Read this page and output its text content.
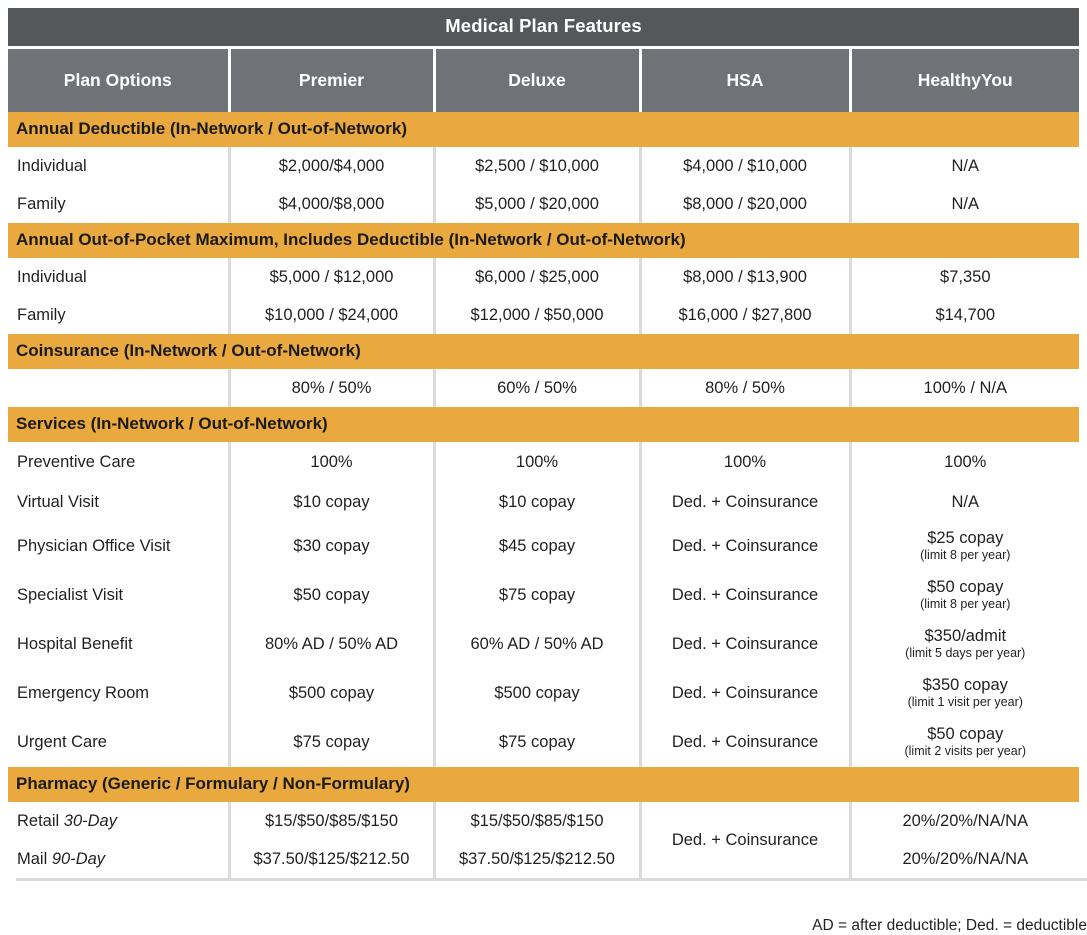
Medical Plan Features				
Plan Options	Premier	Deluxe	HSA	HealthyYou
Annual Deductible (In-Network / Out-of-Network)				
Individual	$2,000/$4,000	$2,500 / $10,000	$4,000 / $10,000	N/A
Family	$4,000/$8,000	$5,000 / $20,000	$8,000 / $20,000	N/A
Annual Out-of-Pocket Maximum, Includes Deductible (In-Network / Out-of-Network)				
Individual	$5,000 / $12,000	$6,000 / $25,000	$8,000 / $13,900	$7,350
Family	$10,000 / $24,000	$12,000 / $50,000	$16,000 / $27,800	$14,700
Coinsurance (In-Network / Out-of-Network)				
	80% / 50%	60% / 50%	80% / 50%	100% / N/A
Services (In-Network / Out-of-Network)				
Preventive Care	100%	100%	100%	100%
Virtual Visit	$10 copay	$10 copay	Ded. + Coinsurance	N/A
Physician Office Visit	$30 copay	$45 copay	Ded. + Coinsurance	$25 copay
(limit 8 per year)

Specialist Visit	$50 copay	$75 copay	Ded. + Coinsurance	$50 copay
(limit 8 per year)

Hospital Benefit	80% AD / 50% AD	60% AD / 50% AD	Ded. + Coinsurance	$350/admit
(limit 5 days per year)

Emergency Room	$500 copay	$500 copay	Ded. + Coinsurance	$350 copay
(limit 1 visit per year)

Urgent Care	$75 copay	$75 copay	Ded. + Coinsurance	$50 copay
(limit 2 visits per year)

Pharmacy (Generic / Formulary / Non-Formulary)				
Retail 30-Day	$15/$50/$85/$150	$15/$50/$85/$150	Ded. + Coinsurance	20%/20%/NA/NA
Mail 90-Day	$37.50/$125/$212.50	$37.50/$125/$212.50		20%/20%/NA/NA
AD = after deductible; Ded. = deductible
